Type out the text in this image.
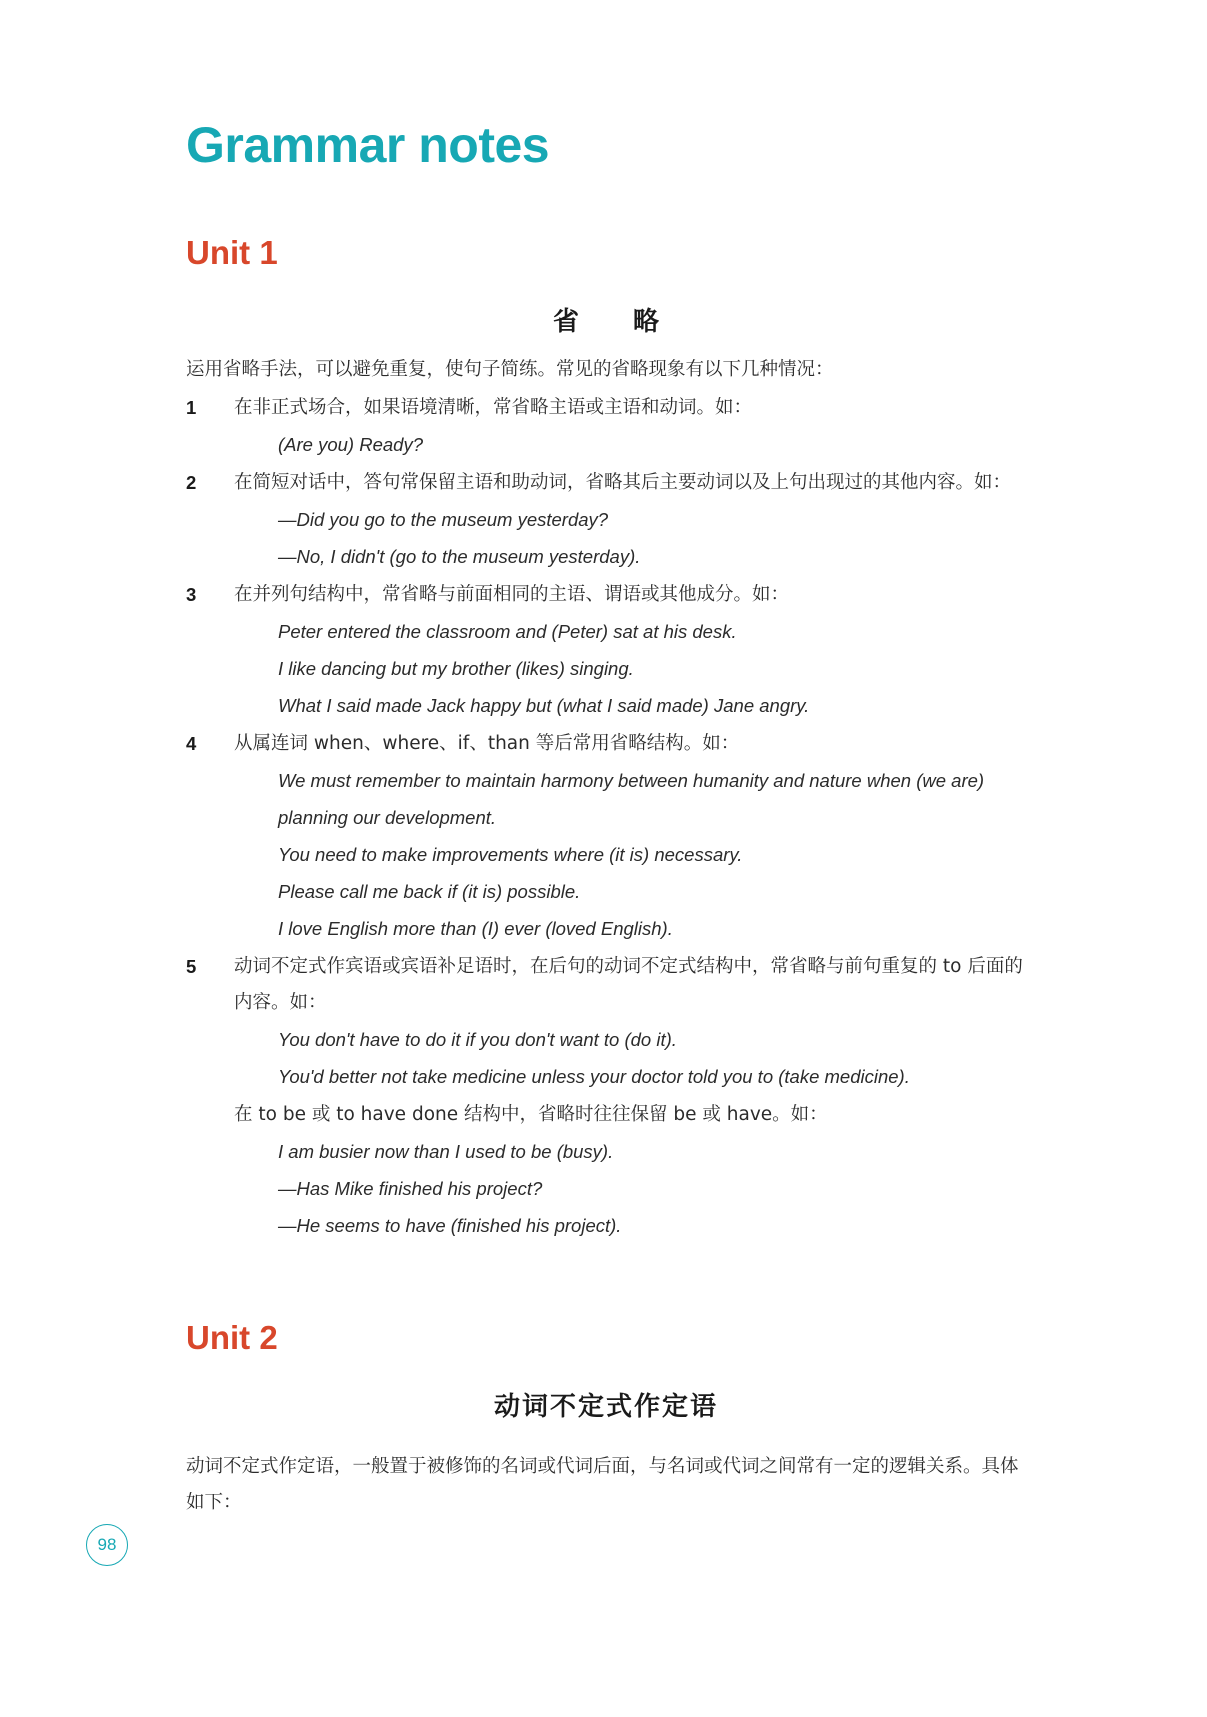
Grammar notes
Unit 1
省　略

运用省略手法，可以避免重复，使句子简练。常见的省略现象有以下几种情况：

1	在非正式场合，如果语境清晰，常省略主语或主语和动词。如：
(Are you) Ready?
2	在简短对话中，答句常保留主语和助动词，省略其后主要动词以及上句出现过的其他内容。如：
—Did you go to the museum yesterday?
—No, I didn't (go to the museum yesterday).
3	在并列句结构中，常省略与前面相同的主语、谓语或其他成分。如：
Peter entered the classroom and (Peter) sat at his desk.
I like dancing but my brother (likes) singing.
What I said made Jack happy but (what I said made) Jane angry.
4	从属连词 when、where、if、than 等后常用省略结构。如：
We must remember to maintain harmony between humanity and nature when (we are) planning our development.
You need to make improvements where (it is) necessary.
Please call me back if (it is) possible.
I love English more than (I) ever (loved English).
5	动词不定式作宾语或宾语补足语时，在后句的动词不定式结构中，常省略与前句重复的 to 后面的内容。如：
You don't have to do it if you don't want to (do it).
You'd better not take medicine unless your doctor told you to (take medicine).
在 to be 或 to have done 结构中，省略时往往保留 be 或 have。如：
I am busier now than I used to be (busy).
—Has Mike finished his project?
—He seems to have (finished his project).
Unit 2
动词不定式作定语

动词不定式作定语，一般置于被修饰的名词或代词后面，与名词或代词之间常有一定的逻辑关系。具体如下：

98
